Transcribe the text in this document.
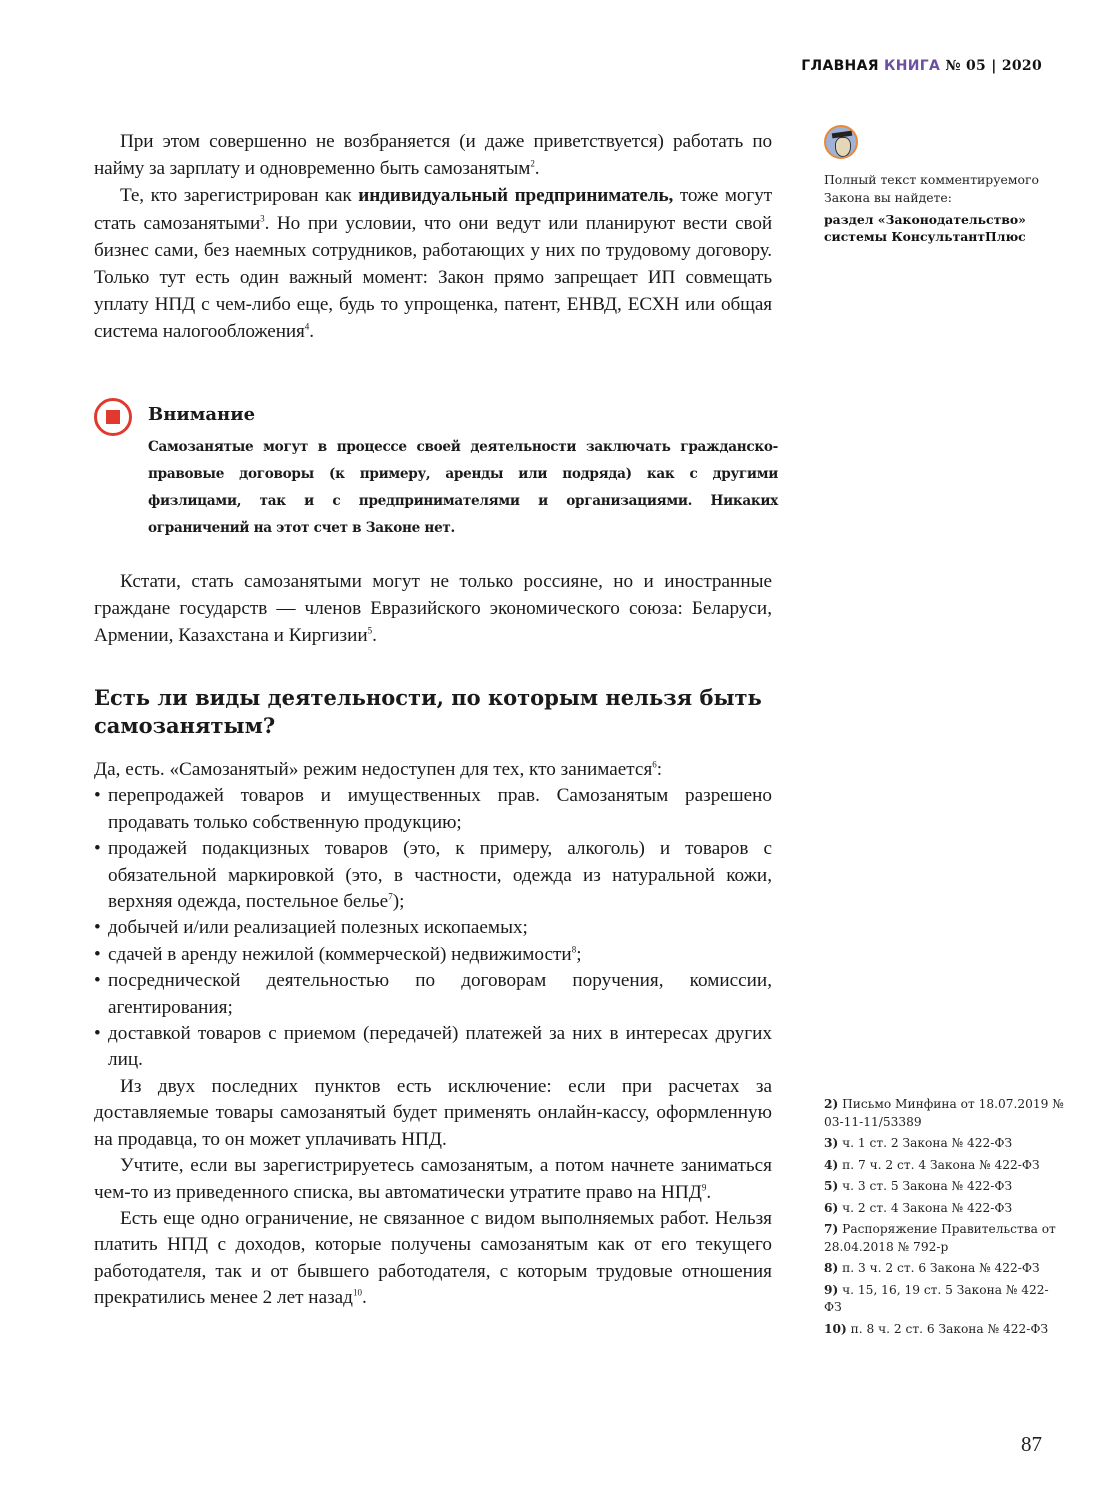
ГЛАВНАЯ КНИГА № 05 | 2020

При этом совершенно не возбраняется (и даже приветствуется) работать по найму за зарплату и одновременно быть самозанятым$^2$.

Те, кто зарегистрирован как индивидуальный предприниматель, тоже могут стать самозанятыми$^3$. Но при условии, что они ведут или планируют вести свой бизнес сами, без наемных сотрудников, работающих у них по трудовому договору. Только тут есть один важный момент: Закон прямо запрещает ИП совмещать уплату НПД с чем-либо еще, будь то упрощенка, патент, ЕНВД, ЕСХН или общая система налогообложения$^4$.

Внимание
Самозанятые могут в процессе своей деятельности заключать гражданско-правовые договоры (к примеру, аренды или подряда) как с другими физлицами, так и с предпринимателями и организациями. Никаких ограничений на этот счет в Законе нет.

Кстати, стать самозанятыми могут не только россияне, но и иностранные граждане государств — членов Евразийского экономического союза: Беларуси, Армении, Казахстана и Киргизии$^5$.

Есть ли виды деятельности, по которым нельзя быть самозанятым?

Да, есть. «Самозанятый» режим недоступен для тех, кто занимается$^6$:

• перепродажей товаров и имущественных прав. Самозанятым разрешено продавать только собственную продукцию;
• продажей подакцизных товаров (это, к примеру, алкоголь) и товаров с обязательной маркировкой (это, в частности, одежда из натуральной кожи, верхняя одежда, постельное белье$^7$);
• добычей и/или реализацией полезных ископаемых;
• сдачей в аренду нежилой (коммерческой) недвижимости$^8$;
• посреднической деятельностью по договорам поручения, комиссии, агентирования;
• доставкой товаров с приемом (передачей) платежей за них в интересах других лиц.

Из двух последних пунктов есть исключение: если при расчетах за доставляемые товары самозанятый будет применять онлайн-кассу, оформленную на продавца, то он может уплачивать НПД.

Учтите, если вы зарегистрируетесь самозанятым, а потом начнете заниматься чем-то из приведенного списка, вы автоматически утратите право на НПД$^9$.

Есть еще одно ограничение, не связанное с видом выполняемых работ. Нельзя платить НПД с доходов, которые получены самозанятым как от его текущего работодателя, так и от бывшего работодателя, с которым трудовые отношения прекратились менее 2 лет назад$^{10}$.

Полный текст комментируемого Закона вы найдете:
раздел «Законодательство» системы КонсультантПлюс
2) Письмо Минфина от 18.07.2019 № 03-11-11/53389
3) ч. 1 ст. 2 Закона № 422-ФЗ
4) п. 7 ч. 2 ст. 4 Закона № 422-ФЗ
5) ч. 3 ст. 5 Закона № 422-ФЗ
6) ч. 2 ст. 4 Закона № 422-ФЗ
7) Распоряжение Правительства от 28.04.2018 № 792-р
8) п. 3 ч. 2 ст. 6 Закона № 422-ФЗ
9) ч. 15, 16, 19 ст. 5 Закона № 422-ФЗ
10) п. 8 ч. 2 ст. 6 Закона № 422-ФЗ
87
